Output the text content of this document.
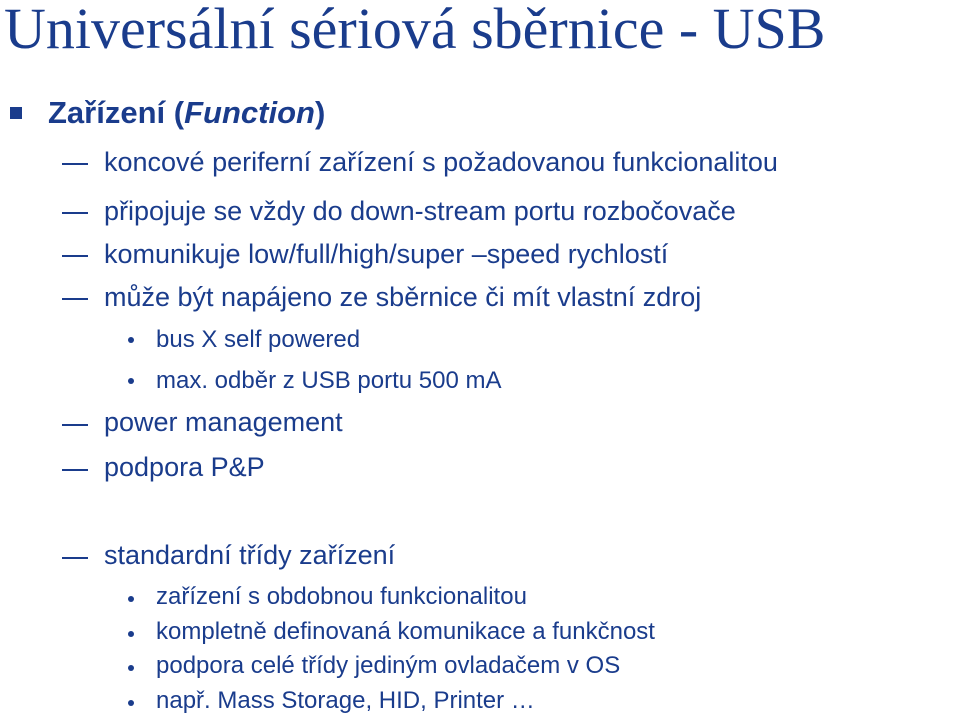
Universální sériová sběrnice - USB
Zařízení (Function)
koncové periferní zařízení s požadovanou funkcionalitou
připojuje se vždy do down-stream portu rozbočovače
komunikuje low/full/high/super –speed rychlostí
může být napájeno ze sběrnice či mít vlastní zdroj
bus X self powered
max. odběr z USB portu 500 mA
power management
podpora P&P
standardní třídy zařízení
zařízení s obdobnou funkcionalitou
kompletně definovaná komunikace a funkčnost
podpora celé třídy jediným ovladačem v OS
např. Mass Storage, HID, Printer …
